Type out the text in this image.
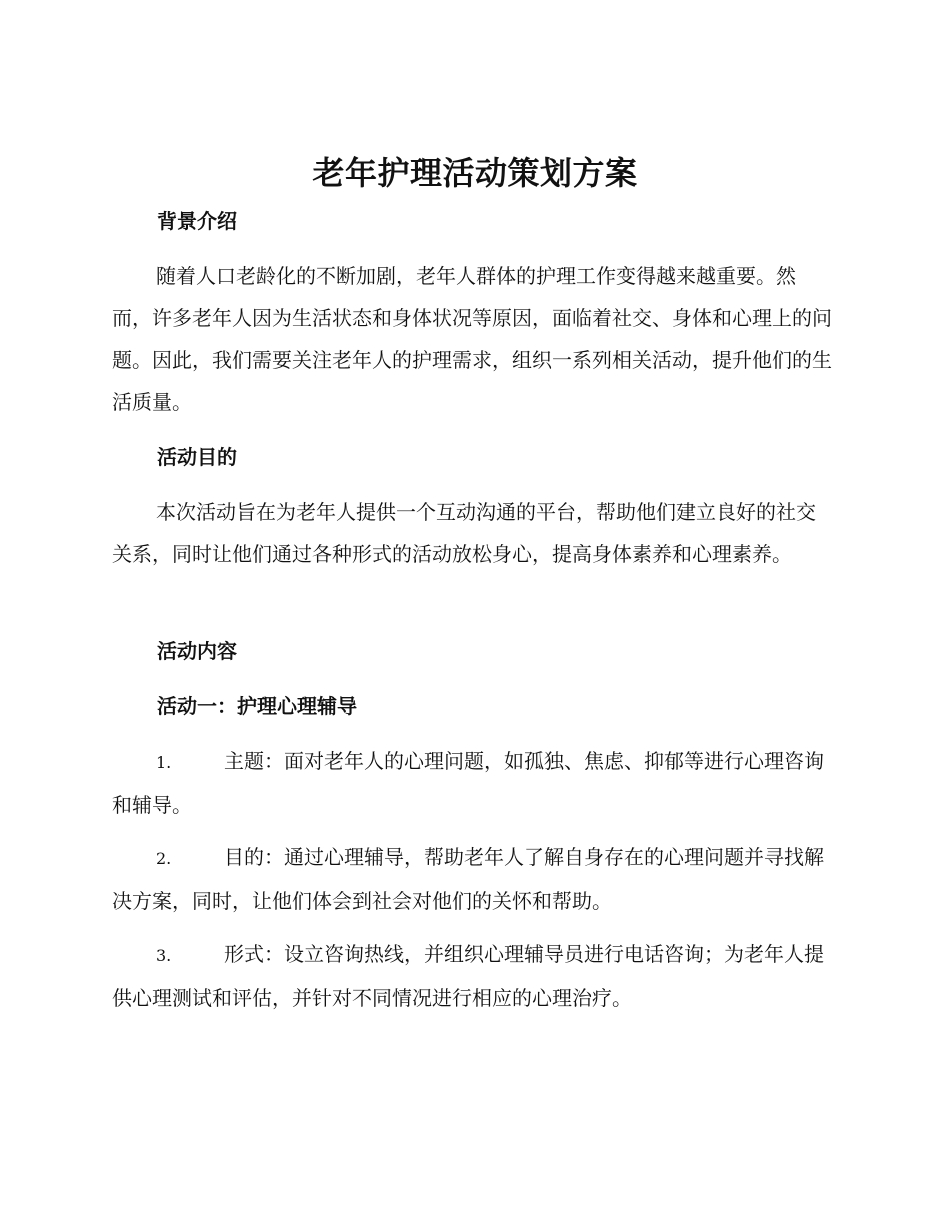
老年护理活动策划方案
背景介绍

随着人口老龄化的不断加剧，老年人群体的护理工作变得越来越重要。然而，许多老年人因为生活状态和身体状况等原因，面临着社交、身体和心理上的问题。因此，我们需要关注老年人的护理需求，组织一系列相关活动，提升他们的生活质量。

活动目的

本次活动旨在为老年人提供一个互动沟通的平台，帮助他们建立良好的社交关系，同时让他们通过各种形式的活动放松身心，提高身体素养和心理素养。

活动内容
活动一：护理心理辅导
1.	主题：面对老年人的心理问题，如孤独、焦虑、抑郁等进行心理咨询和辅导。
2.	目的：通过心理辅导，帮助老年人了解自身存在的心理问题并寻找解决方案，同时，让他们体会到社会对他们的关怀和帮助。
3.	形式：设立咨询热线，并组织心理辅导员进行电话咨询；为老年人提供心理测试和评估，并针对不同情况进行相应的心理治疗。
